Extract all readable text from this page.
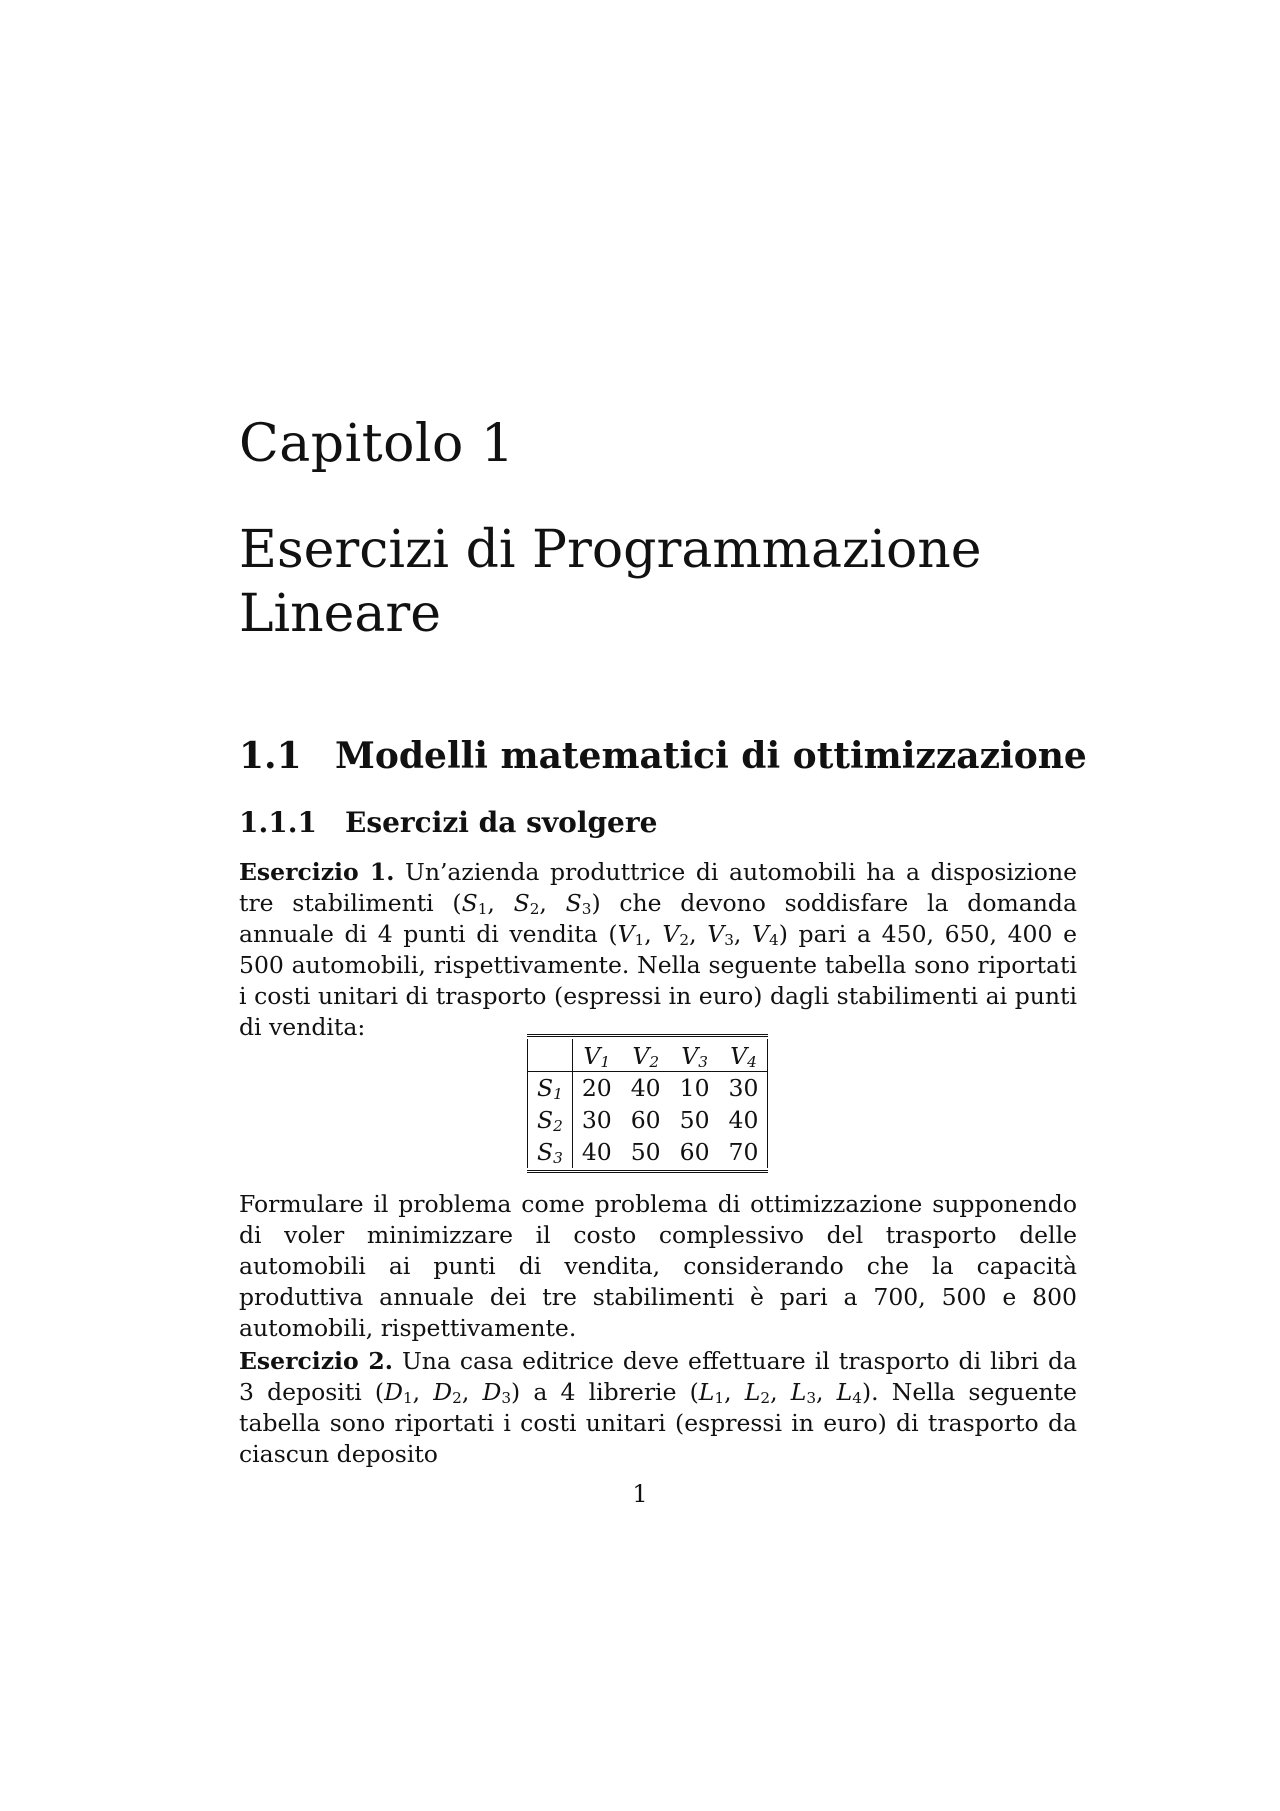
Capitolo 1
Esercizi di Programmazione Lineare
1.1 Modelli matematici di ottimizzazione
1.1.1 Esercizi da svolgere
Esercizio 1. Un’azienda produttrice di automobili ha a disposizione tre stabilimenti ($S_1$, $S_2$, $S_3$) che devono soddisfare la domanda annuale di 4 punti di vendita ($V_1$, $V_2$, $V_3$, $V_4$) pari a 450, 650, 400 e 500 automobili, rispettivamente. Nella seguente tabella sono riportati i costi unitari di trasporto (espressi in euro) dagli stabilimenti ai punti di vendita:
	$V_1$	$V_2$	$V_3$	$V_4$
$S_1$	20	40	10	30
$S_2$	30	60	50	40
$S_3$	40	50	60	70
Formulare il problema come problema di ottimizzazione supponendo di voler minimizzare il costo complessivo del trasporto delle automobili ai punti di vendita, considerando che la capacità produttiva annuale dei tre stabilimenti è pari a 700, 500 e 800 automobili, rispettivamente.
Esercizio 2. Una casa editrice deve effettuare il trasporto di libri da 3 depositi ($D_1$, $D_2$, $D_3$) a 4 librerie ($L_1$, $L_2$, $L_3$, $L_4$). Nella seguente tabella sono riportati i costi unitari (espressi in euro) di trasporto da ciascun deposito
1
